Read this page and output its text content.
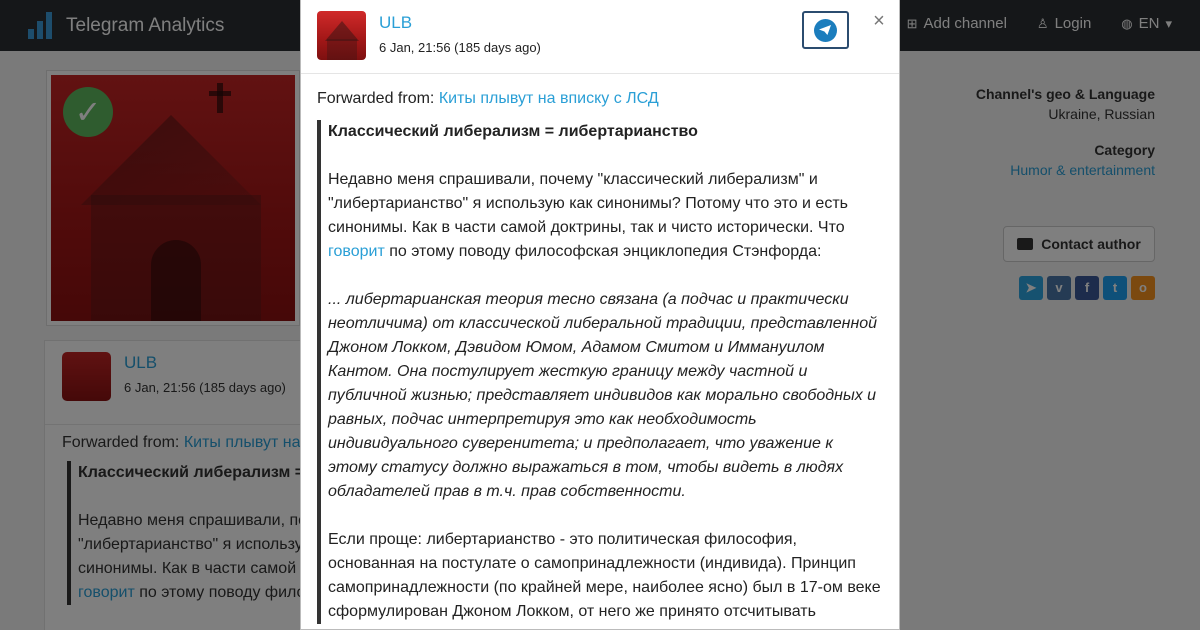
ULB
6 Jan, 21:56 (185 days ago)
×
Forwarded from: Киты плывут на вписку с ЛСД
Классический либерализм = либертарианство
Недавно меня спрашивали, почему "классический либерализм" и
"либертарианство" я использую как синонимы? Потому что это и есть
синонимы. Как в части самой доктрины, так и чисто исторически. Что
говорит по этому поводу философская энциклопедия Стэнфорда:
... либертарианская теория тесно связана (а подчас и практически
неотличима) от классической либеральной традиции, представленной
Джоном Локком, Дэвидом Юмом, Адамом Смитом и Иммануилом
Кантом. Она постулирует жесткую границу между частной и
публичной жизнью; представляет индивидов как морально свободных и
равных, подчас интерпретируя это как необходимость
индивидуального суверенитета; и предполагает, что уважение к
этому статусу должно выражаться в том, чтобы видеть в людях
обладателей прав в т.ч. прав собственности.
Если проще: либертарианство - это политическая философия,
основанная на постулате о самопринадлежности (индивида). Принцип
самопринадлежности (по крайней мере, наиболее ясно) был в 17-ом веке
сформулирован Джоном Локком, от него же принято отсчитывать
